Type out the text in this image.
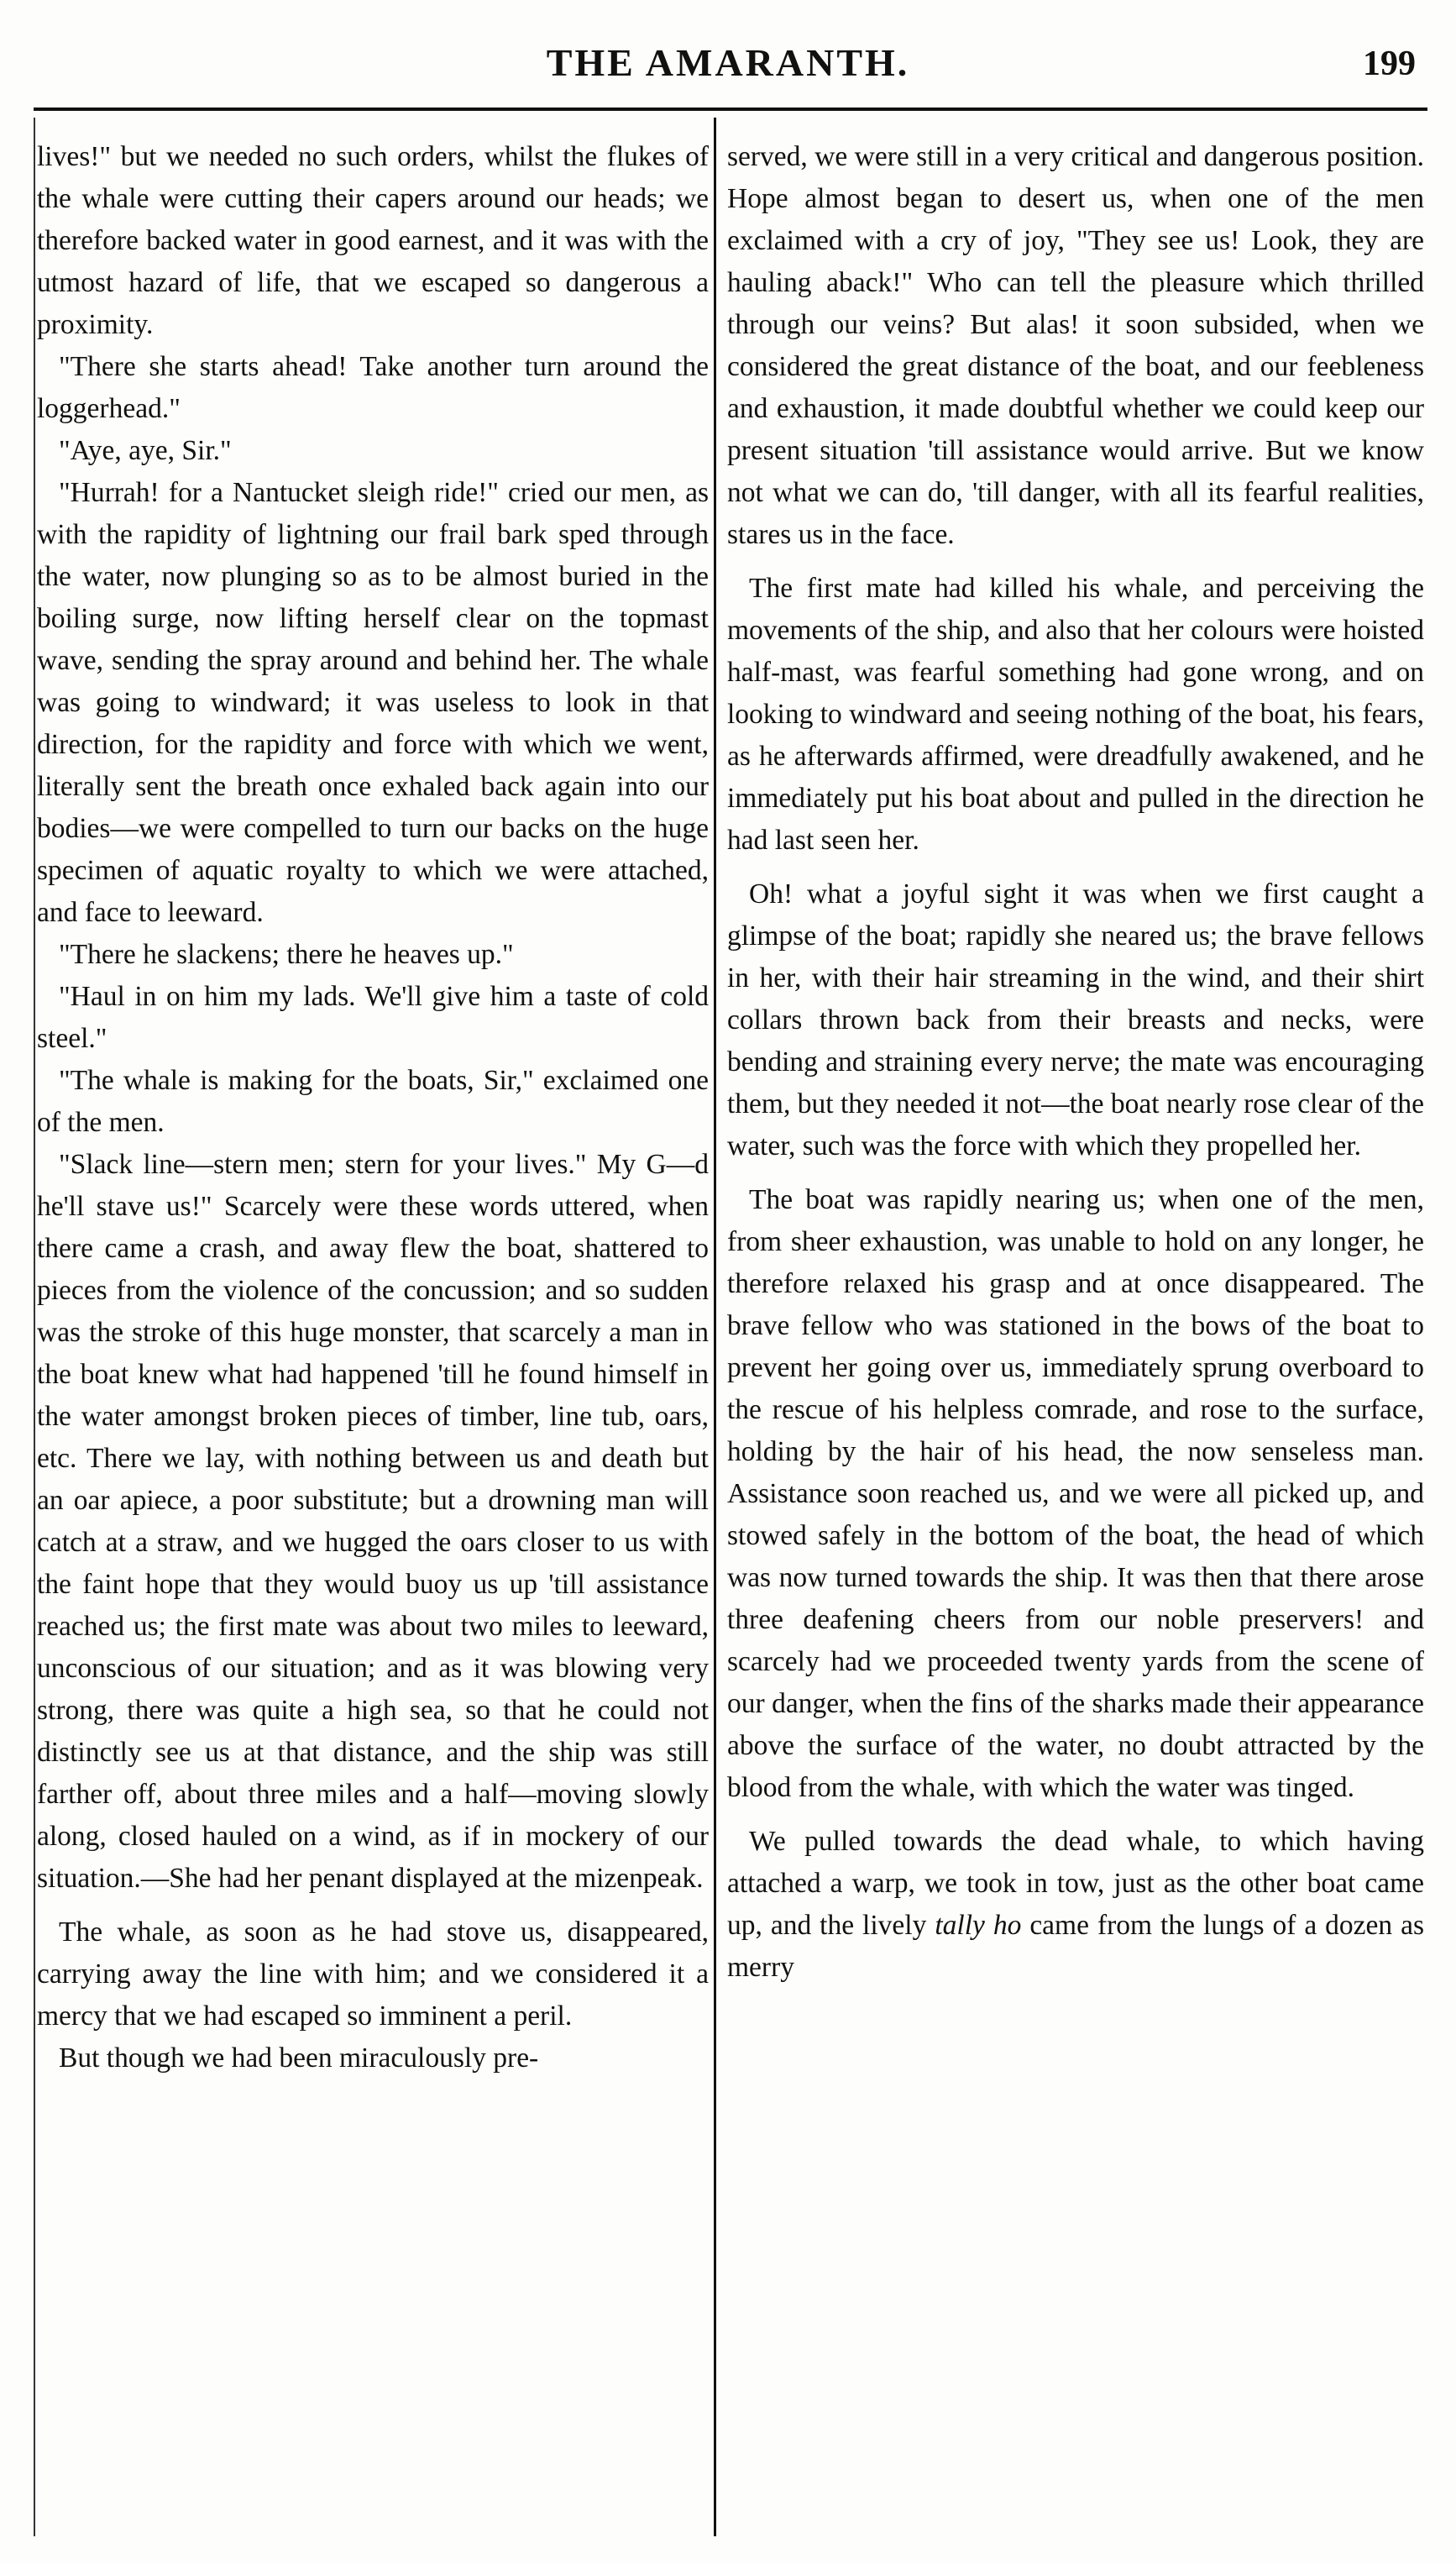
THE AMARANTH.	199

lives!" but we needed no such orders, whilst the flukes of the whale were cutting their capers around our heads; we therefore backed water in good earnest, and it was with the utmost hazard of life, that we escaped so dangerous a proximity.

"There she starts ahead! Take another turn around the loggerhead."

"Aye, aye, Sir."

"Hurrah! for a Nantucket sleigh ride!" cried our men, as with the rapidity of lightning our frail bark sped through the water, now plunging so as to be almost buried in the boiling surge, now lifting herself clear on the topmast wave, sending the spray around and behind her. The whale was going to windward; it was useless to look in that direction, for the rapidity and force with which we went, literally sent the breath once exhaled back again into our bodies—we were compelled to turn our backs on the huge specimen of aquatic royalty to which we were attached, and face to leeward.

"There he slackens; there he heaves up."

"Haul in on him my lads. We'll give him a taste of cold steel."

"The whale is making for the boats, Sir," exclaimed one of the men.

"Slack line—stern men; stern for your lives." My G—d he'll stave us!" Scarcely were these words uttered, when there came a crash, and away flew the boat, shattered to pieces from the violence of the concussion; and so sudden was the stroke of this huge monster, that scarcely a man in the boat knew what had happened 'till he found himself in the water amongst broken pieces of timber, line tub, oars, etc. There we lay, with nothing between us and death but an oar apiece, a poor substitute; but a drowning man will catch at a straw, and we hugged the oars closer to us with the faint hope that they would buoy us up 'till assistance reached us; the first mate was about two miles to leeward, unconscious of our situation; and as it was blowing very strong, there was quite a high sea, so that he could not distinctly see us at that distance, and the ship was still farther off, about three miles and a half—moving slowly along, closed hauled on a wind, as if in mockery of our situation.—She had her penant displayed at the mizenpeak.

The whale, as soon as he had stove us, disappeared, carrying away the line with him; and we considered it a mercy that we had escaped so imminent a peril.

But though we had been miraculously pre-

served, we were still in a very critical and dangerous position. Hope almost began to desert us, when one of the men exclaimed with a cry of joy, "They see us! Look, they are hauling aback!" Who can tell the pleasure which thrilled through our veins? But alas! it soon subsided, when we considered the great distance of the boat, and our feebleness and exhaustion, it made doubtful whether we could keep our present situation 'till assistance would arrive. But we know not what we can do, 'till danger, with all its fearful realities, stares us in the face.

The first mate had killed his whale, and perceiving the movements of the ship, and also that her colours were hoisted half-mast, was fearful something had gone wrong, and on looking to windward and seeing nothing of the boat, his fears, as he afterwards affirmed, were dreadfully awakened, and he immediately put his boat about and pulled in the direction he had last seen her.

Oh! what a joyful sight it was when we first caught a glimpse of the boat; rapidly she neared us; the brave fellows in her, with their hair streaming in the wind, and their shirt collars thrown back from their breasts and necks, were bending and straining every nerve; the mate was encouraging them, but they needed it not—the boat nearly rose clear of the water, such was the force with which they propelled her.

The boat was rapidly nearing us; when one of the men, from sheer exhaustion, was unable to hold on any longer, he therefore relaxed his grasp and at once disappeared. The brave fellow who was stationed in the bows of the boat to prevent her going over us, immediately sprung overboard to the rescue of his helpless comrade, and rose to the surface, holding by the hair of his head, the now senseless man. Assistance soon reached us, and we were all picked up, and stowed safely in the bottom of the boat, the head of which was now turned towards the ship. It was then that there arose three deafening cheers from our noble preservers! and scarcely had we proceeded twenty yards from the scene of our danger, when the fins of the sharks made their appearance above the surface of the water, no doubt attracted by the blood from the whale, with which the water was tinged.

We pulled towards the dead whale, to which having attached a warp, we took in tow, just as the other boat came up, and the lively tally ho came from the lungs of a dozen as merry
